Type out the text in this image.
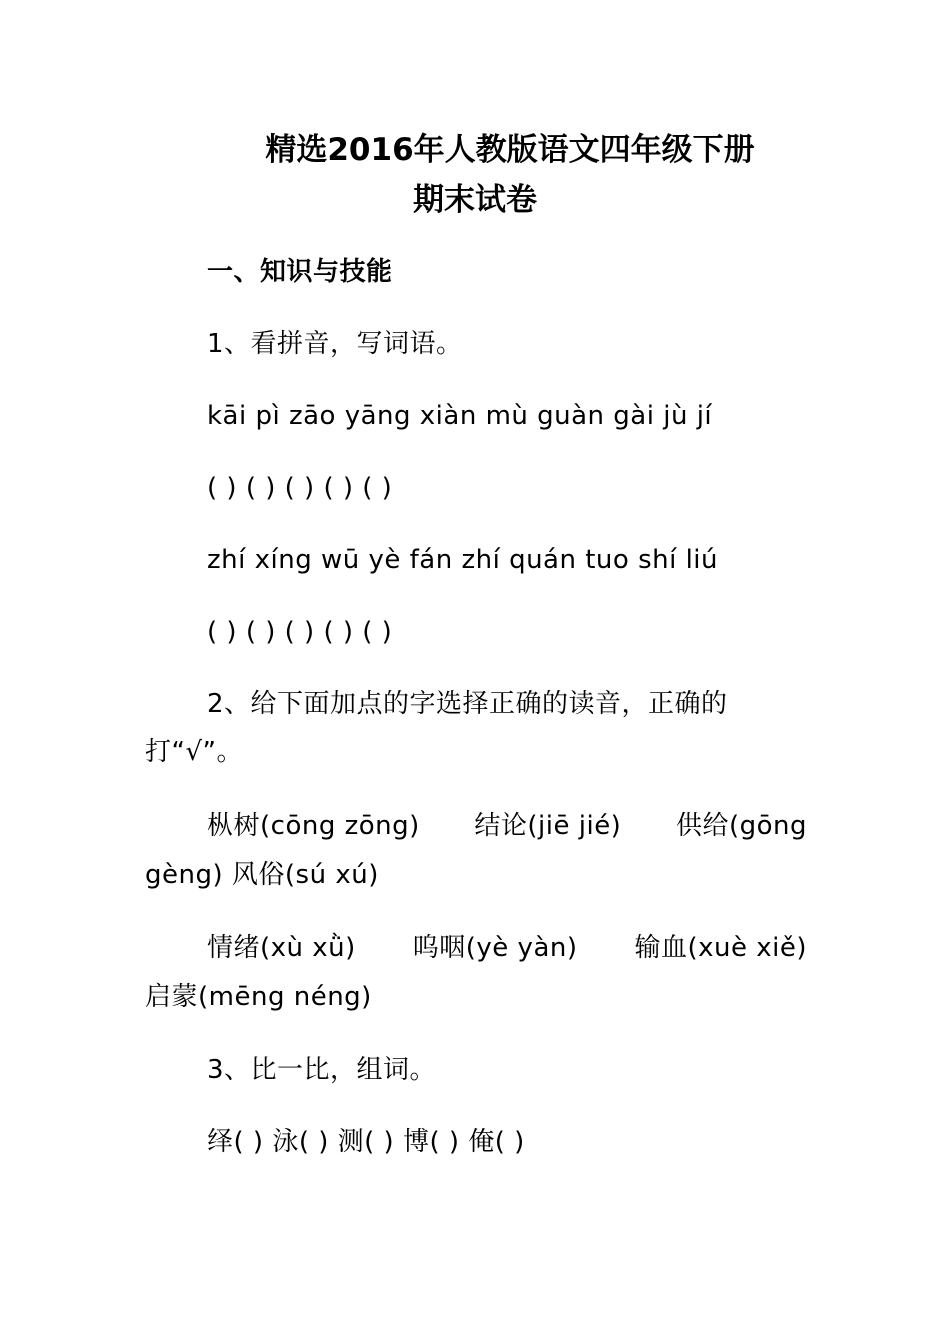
精选2016年人教版语文四年级下册
期末试卷
一、知识与技能
1、看拼音，写词语。
kāi pì zāo yāng xiàn mù guàn gài jù jí
( ) ( ) ( ) ( ) ( )
zhí xíng wū yè fán zhí quán tuo shí liú
( ) ( ) ( ) ( ) ( )
2、给下面加点的字选择正确的读音，正确的
打“√”。
枞树(cōng zōng) 结论(jiē jié) 供给(gōng
gèng) 风俗(sú xú)
情绪(xù xǜ) 呜咽(yè yàn) 输血(xuè xiě)
启蒙(mēng néng)
3、比一比，组词。
绎( ) 泳( ) 测( ) 博( ) 俺( )
